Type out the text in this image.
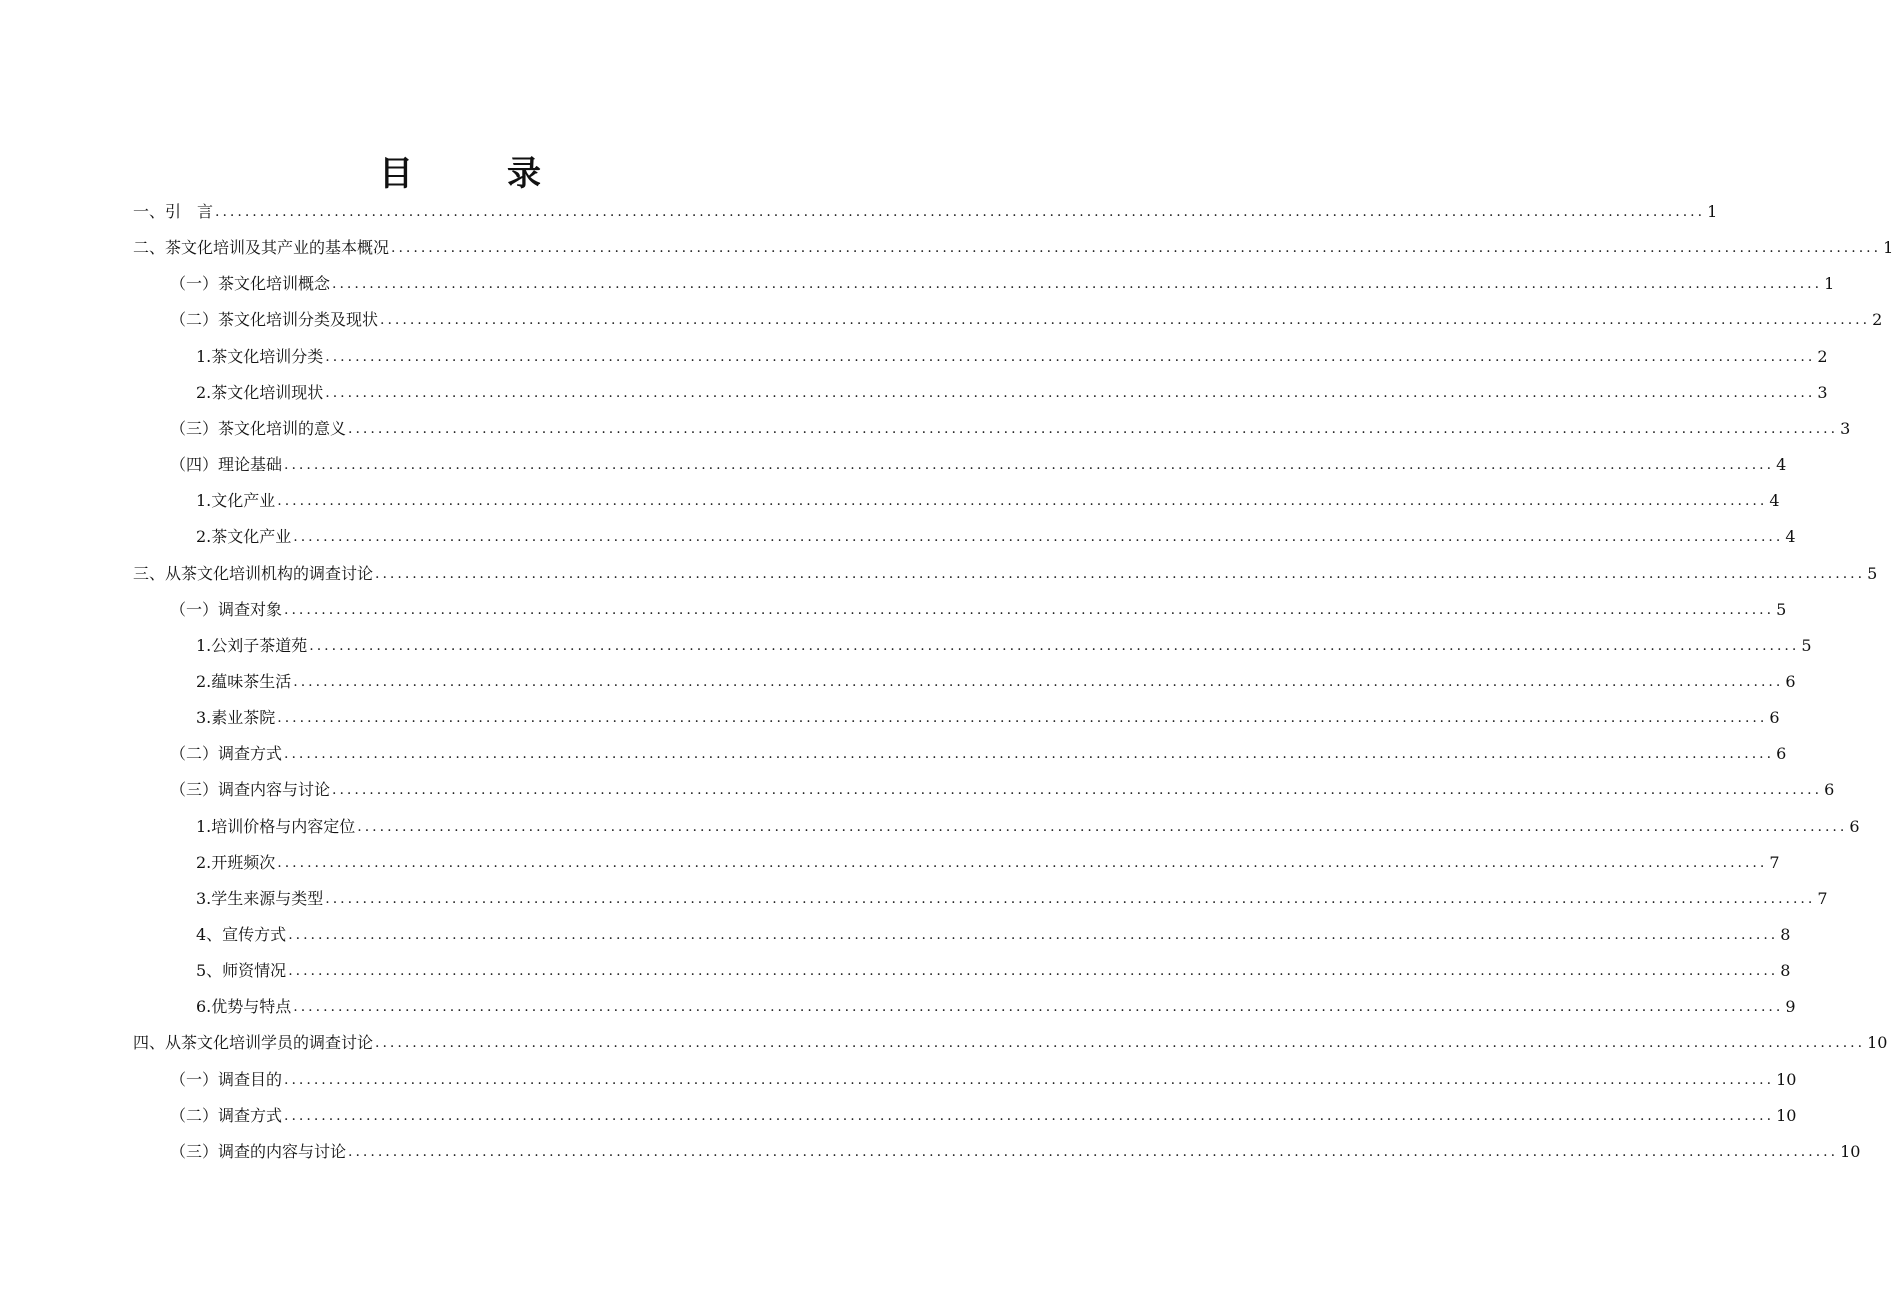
目　录
一、引　言 ........................................................................................................................................................................................................ 1
二、茶文化培训及其产业的基本概况 ........................................................................................................................................................................................................ 1
（一）茶文化培训概念 ........................................................................................................................................................................................................ 1
（二）茶文化培训分类及现状 ........................................................................................................................................................................................................ 2
1.茶文化培训分类 ........................................................................................................................................................................................................ 2
2.茶文化培训现状 ........................................................................................................................................................................................................ 3
（三）茶文化培训的意义 ........................................................................................................................................................................................................ 3
（四）理论基础 ........................................................................................................................................................................................................ 4
1.文化产业 ........................................................................................................................................................................................................ 4
2.茶文化产业 ........................................................................................................................................................................................................ 4
三、从茶文化培训机构的调查讨论 ........................................................................................................................................................................................................ 5
（一）调查对象 ........................................................................................................................................................................................................ 5
1.公刘子茶道苑 ........................................................................................................................................................................................................ 5
2.蕴味茶生活 ........................................................................................................................................................................................................ 6
3.素业茶院 ........................................................................................................................................................................................................ 6
（二）调查方式 ........................................................................................................................................................................................................ 6
（三）调查内容与讨论 ........................................................................................................................................................................................................ 6
1.培训价格与内容定位 ........................................................................................................................................................................................................ 6
2.开班频次 ........................................................................................................................................................................................................ 7
3.学生来源与类型 ........................................................................................................................................................................................................ 7
4、宣传方式 ........................................................................................................................................................................................................ 8
5、师资情况 ........................................................................................................................................................................................................ 8
6.优势与特点 ........................................................................................................................................................................................................ 9
四、从茶文化培训学员的调查讨论 ........................................................................................................................................................................................................ 10
（一）调查目的 ........................................................................................................................................................................................................ 10
（二）调查方式 ........................................................................................................................................................................................................ 10
（三）调查的内容与讨论 ........................................................................................................................................................................................................ 10
